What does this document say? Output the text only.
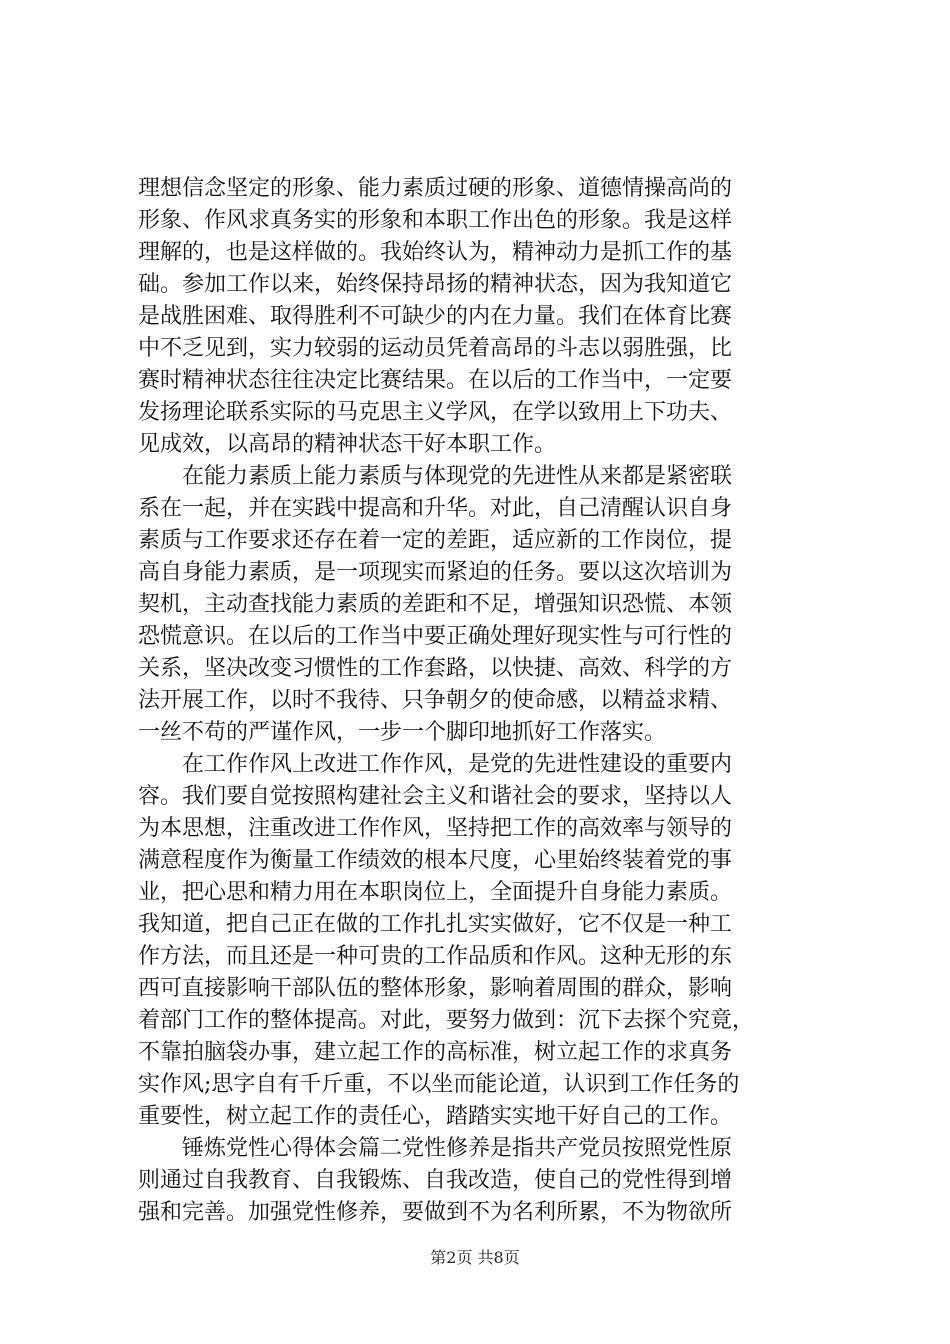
理想信念坚定的形象、能力素质过硬的形象、道德情操高尚的
形象、作风求真务实的形象和本职工作出色的形象。我是这样
理解的，也是这样做的。我始终认为，精神动力是抓工作的基
础。参加工作以来，始终保持昂扬的精神状态，因为我知道它
是战胜困难、取得胜利不可缺少的内在力量。我们在体育比赛
中不乏见到，实力较弱的运动员凭着高昂的斗志以弱胜强，比
赛时精神状态往往决定比赛结果。在以后的工作当中，一定要
发扬理论联系实际的马克思主义学风，在学以致用上下功夫、
见成效，以高昂的精神状态干好本职工作。
　　在能力素质上能力素质与体现党的先进性从来都是紧密联
系在一起，并在实践中提高和升华。对此，自己清醒认识自身
素质与工作要求还存在着一定的差距，适应新的工作岗位，提
高自身能力素质，是一项现实而紧迫的任务。要以这次培训为
契机，主动查找能力素质的差距和不足，增强知识恐慌、本领
恐慌意识。在以后的工作当中要正确处理好现实性与可行性的
关系，坚决改变习惯性的工作套路，以快捷、高效、科学的方
法开展工作，以时不我待、只争朝夕的使命感，以精益求精、
一丝不苟的严谨作风，一步一个脚印地抓好工作落实。
　　在工作作风上改进工作作风，是党的先进性建设的重要内
容。我们要自觉按照构建社会主义和谐社会的要求，坚持以人
为本思想，注重改进工作作风，坚持把工作的高效率与领导的
满意程度作为衡量工作绩效的根本尺度，心里始终装着党的事
业，把心思和精力用在本职岗位上，全面提升自身能力素质。
我知道，把自己正在做的工作扎扎实实做好，它不仅是一种工
作方法，而且还是一种可贵的工作品质和作风。这种无形的东
西可直接影响干部队伍的整体形象，影响着周围的群众，影响
着部门工作的整体提高。对此，要努力做到：沉下去探个究竟，
不靠拍脑袋办事，建立起工作的高标准，树立起工作的求真务
实作风;思字自有千斤重，不以坐而能论道，认识到工作任务的
重要性，树立起工作的责任心，踏踏实实地干好自己的工作。
　　锤炼党性心得体会篇二党性修养是指共产党员按照党性原
则通过自我教育、自我锻炼、自我改造，使自己的党性得到增
强和完善。加强党性修养，要做到不为名利所累，不为物欲所
第2页 共8页
